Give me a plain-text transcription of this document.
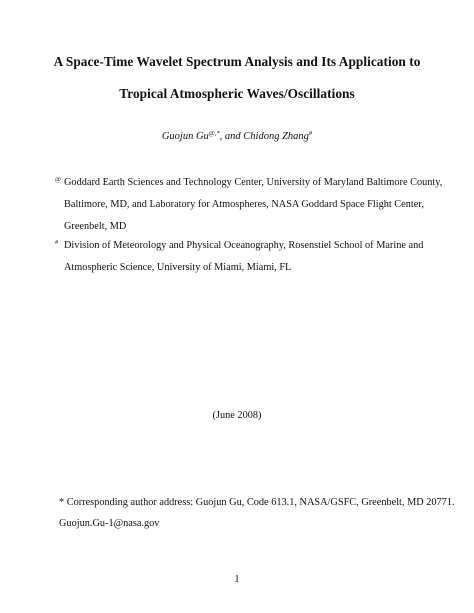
A Space-Time Wavelet Spectrum Analysis and Its Application to
Tropical Atmospheric Waves/Oscillations
Guojun Gu@,*, and Chidong Zhang#
@ Goddard Earth Sciences and Technology Center, University of Maryland Baltimore County,
Baltimore, MD, and Laboratory for Atmospheres, NASA Goddard Space Flight Center,
Greenbelt, MD
# Division of Meteorology and Physical Oceanography, Rosenstiel School of Marine and
Atmospheric Science, University of Miami, Miami, FL
(June 2008)
* Corresponding author address: Guojun Gu, Code 613.1, NASA/GSFC, Greenbelt, MD 20771.
Guojun.Gu-1@nasa.gov
1
